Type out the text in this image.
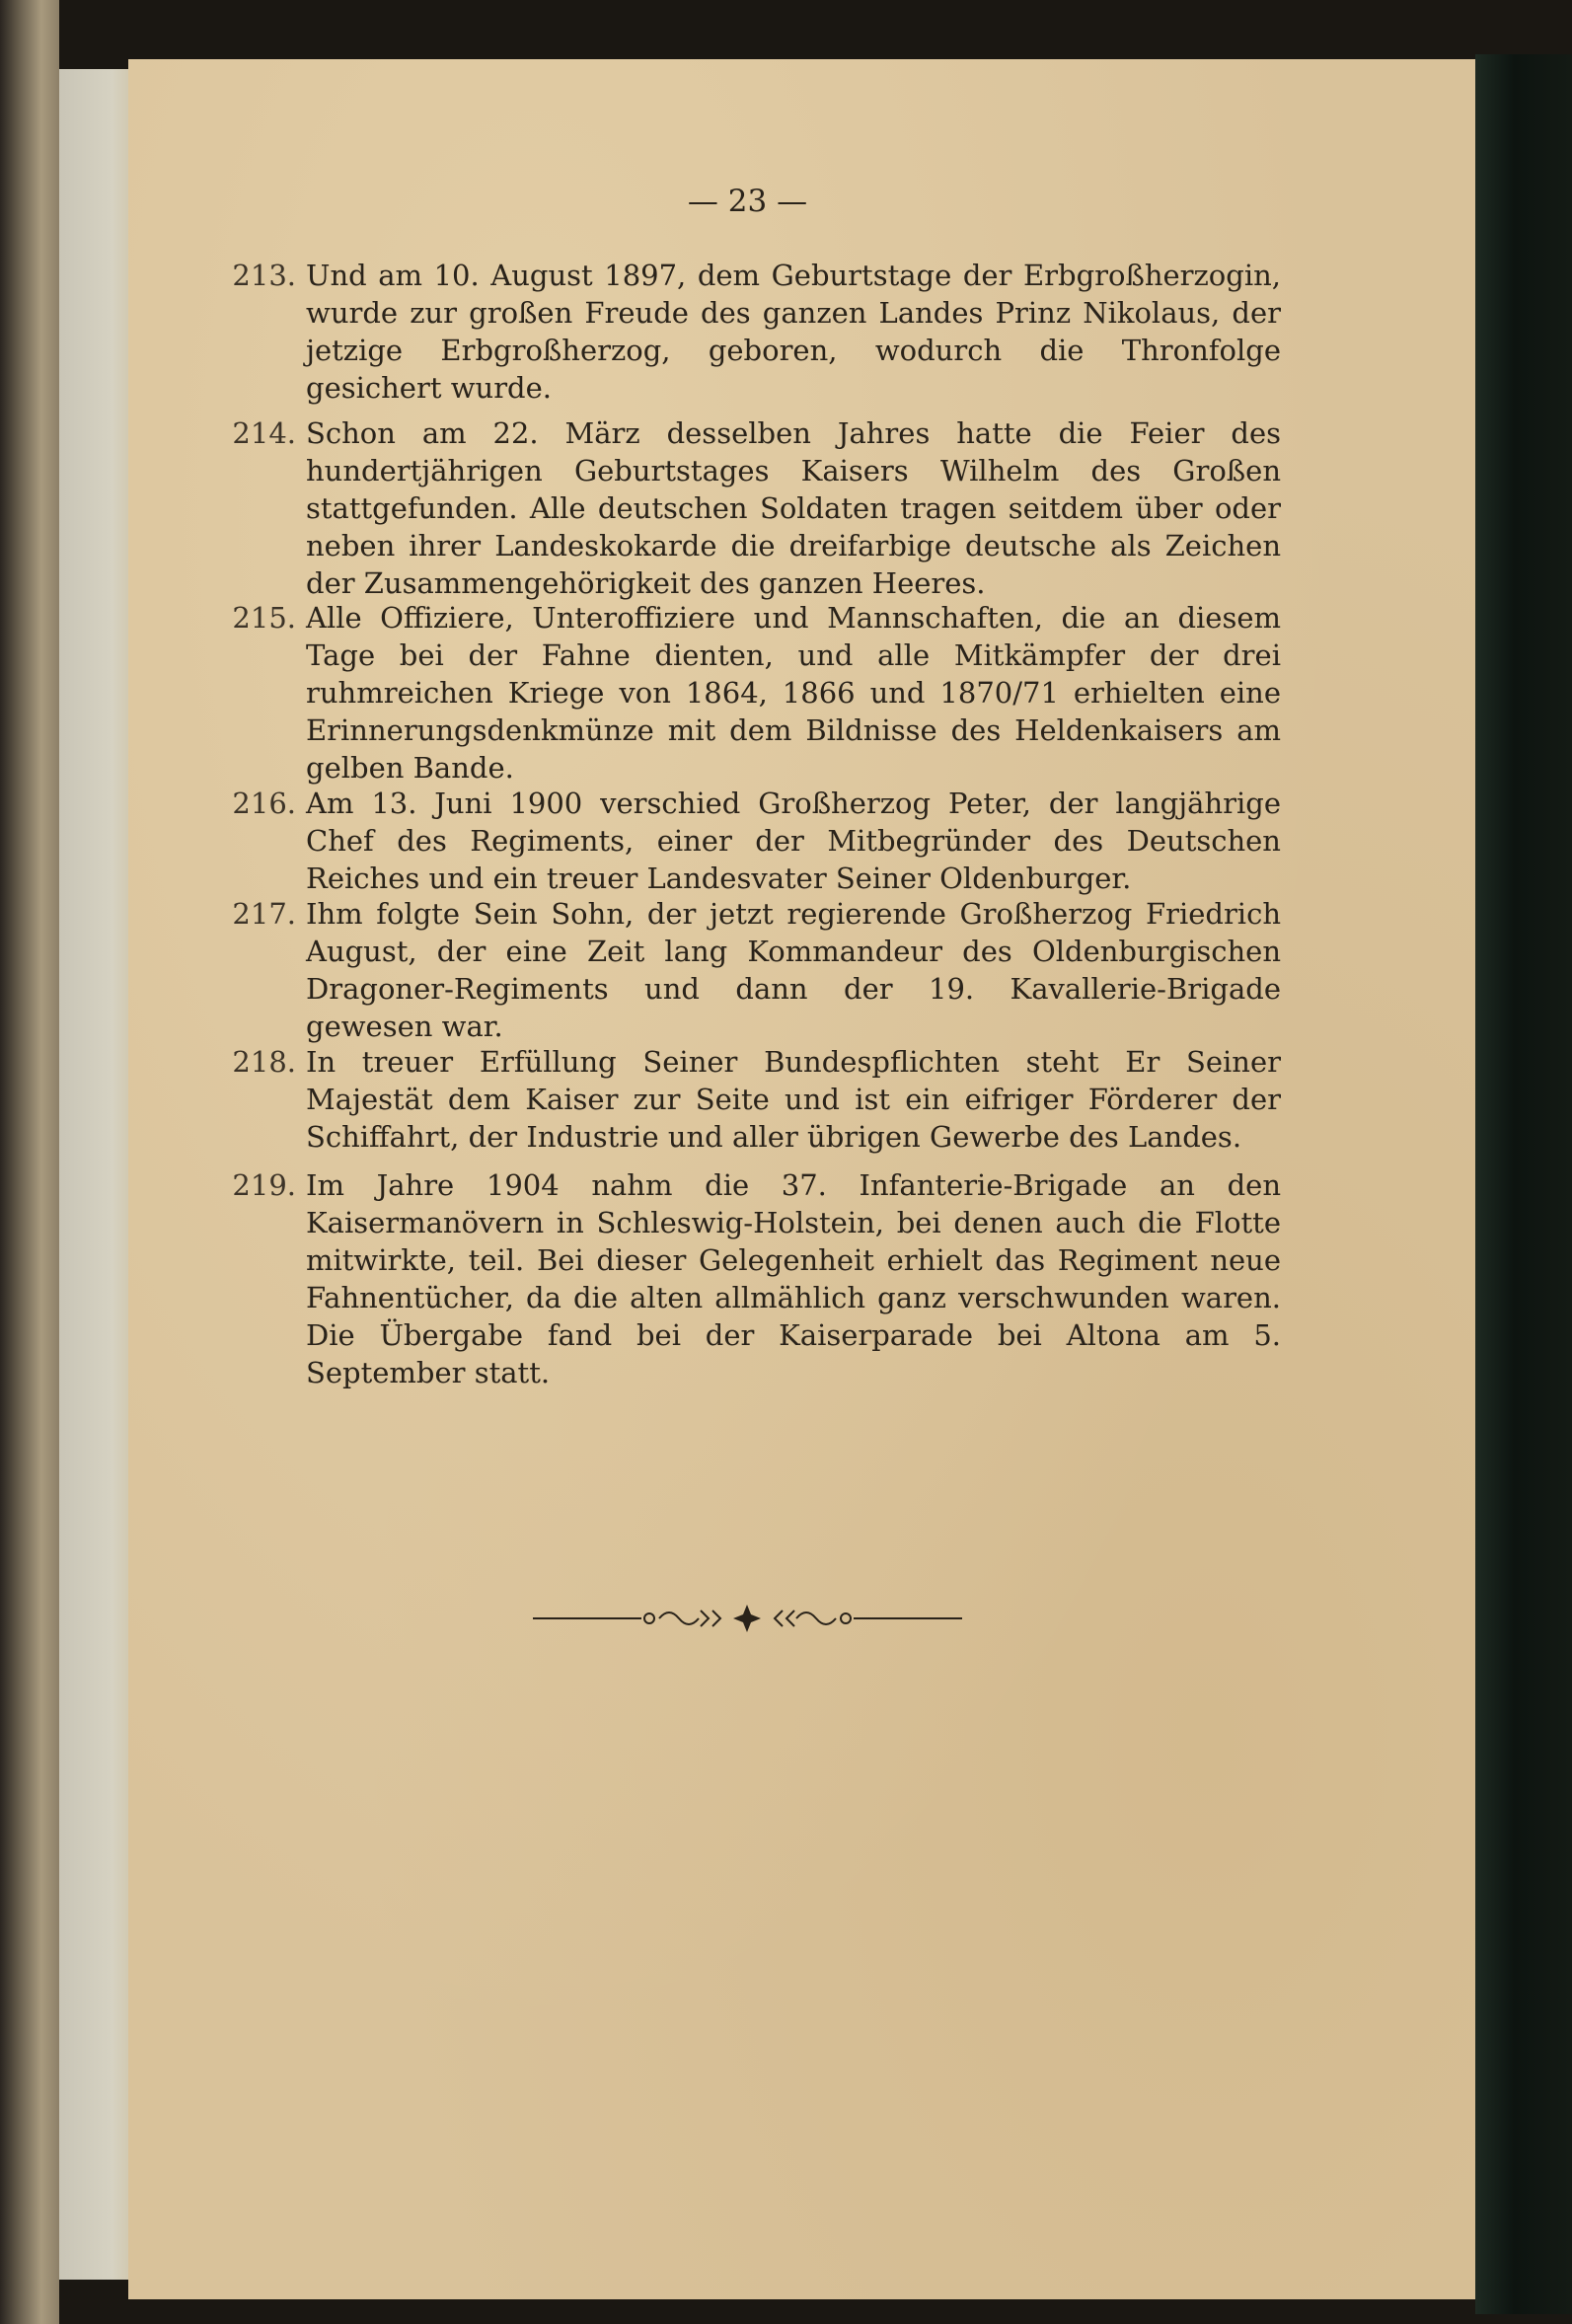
— 23 —
213. Und am 10. August 1897, dem Geburtstage der Erbgroßherzogin, wurde zur großen Freude des ganzen Landes Prinz Nikolaus, der jetzige Erbgroßherzog, geboren, wodurch die Thronfolge gesichert wurde.
214. Schon am 22. März desselben Jahres hatte die Feier des hundertjährigen Geburtstages Kaisers Wilhelm des Großen stattgefunden. Alle deutschen Soldaten tragen seitdem über oder neben ihrer Landeskokarde die dreifarbige deutsche als Zeichen der Zusammengehörigkeit des ganzen Heeres.
215. Alle Offiziere, Unteroffiziere und Mannschaften, die an diesem Tage bei der Fahne dienten, und alle Mitkämpfer der drei ruhmreichen Kriege von 1864, 1866 und 1870/71 erhielten eine Erinnerungsdenkmünze mit dem Bildnisse des Heldenkaisers am gelben Bande.
216. Am 13. Juni 1900 verschied Großherzog Peter, der langjährige Chef des Regiments, einer der Mitbegründer des Deutschen Reiches und ein treuer Landesvater Seiner Oldenburger.
217. Ihm folgte Sein Sohn, der jetzt regierende Großherzog Friedrich August, der eine Zeit lang Kommandeur des Oldenburgischen Dragoner-Regiments und dann der 19. Kavallerie-Brigade gewesen war.
218. In treuer Erfüllung Seiner Bundespflichten steht Er Seiner Majestät dem Kaiser zur Seite und ist ein eifriger Förderer der Schiffahrt, der Industrie und aller übrigen Gewerbe des Landes.
219. Im Jahre 1904 nahm die 37. Infanterie-Brigade an den Kaisermanövern in Schleswig-Holstein, bei denen auch die Flotte mitwirkte, teil. Bei dieser Gelegenheit erhielt das Regiment neue Fahnentücher, da die alten allmählich ganz verschwunden waren. Die Übergabe fand bei der Kaiserparade bei Altona am 5. September statt.
